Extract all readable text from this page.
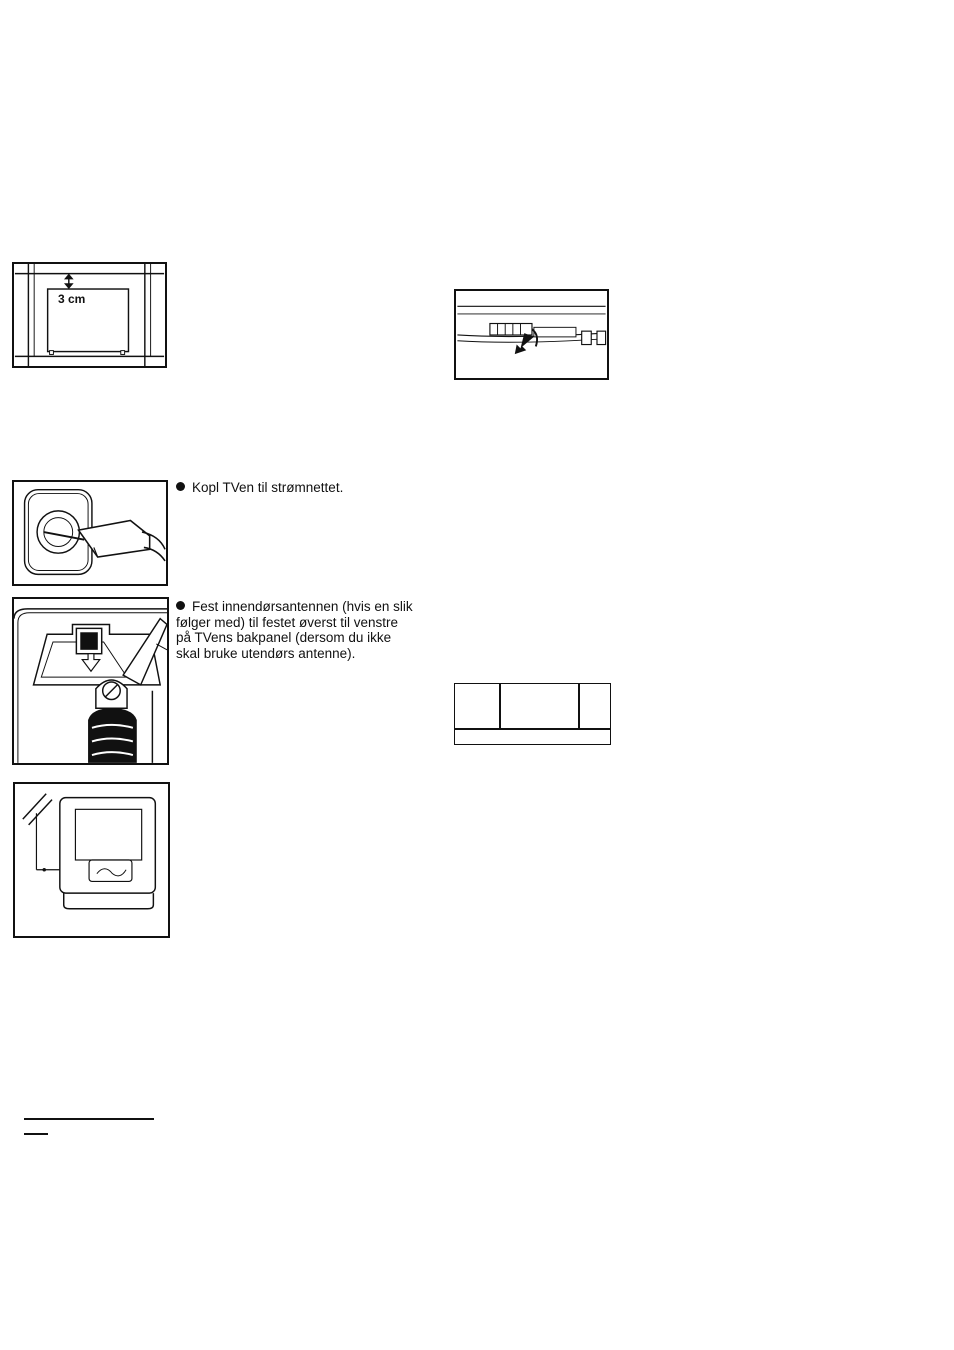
3 cm
Kopl TVen til strømnettet.
Fest innendørsantennen (hvis en slik
følger med) til festet øverst til venstre
på TVens bakpanel (dersom du ikke
skal bruke utendørs antenne).
